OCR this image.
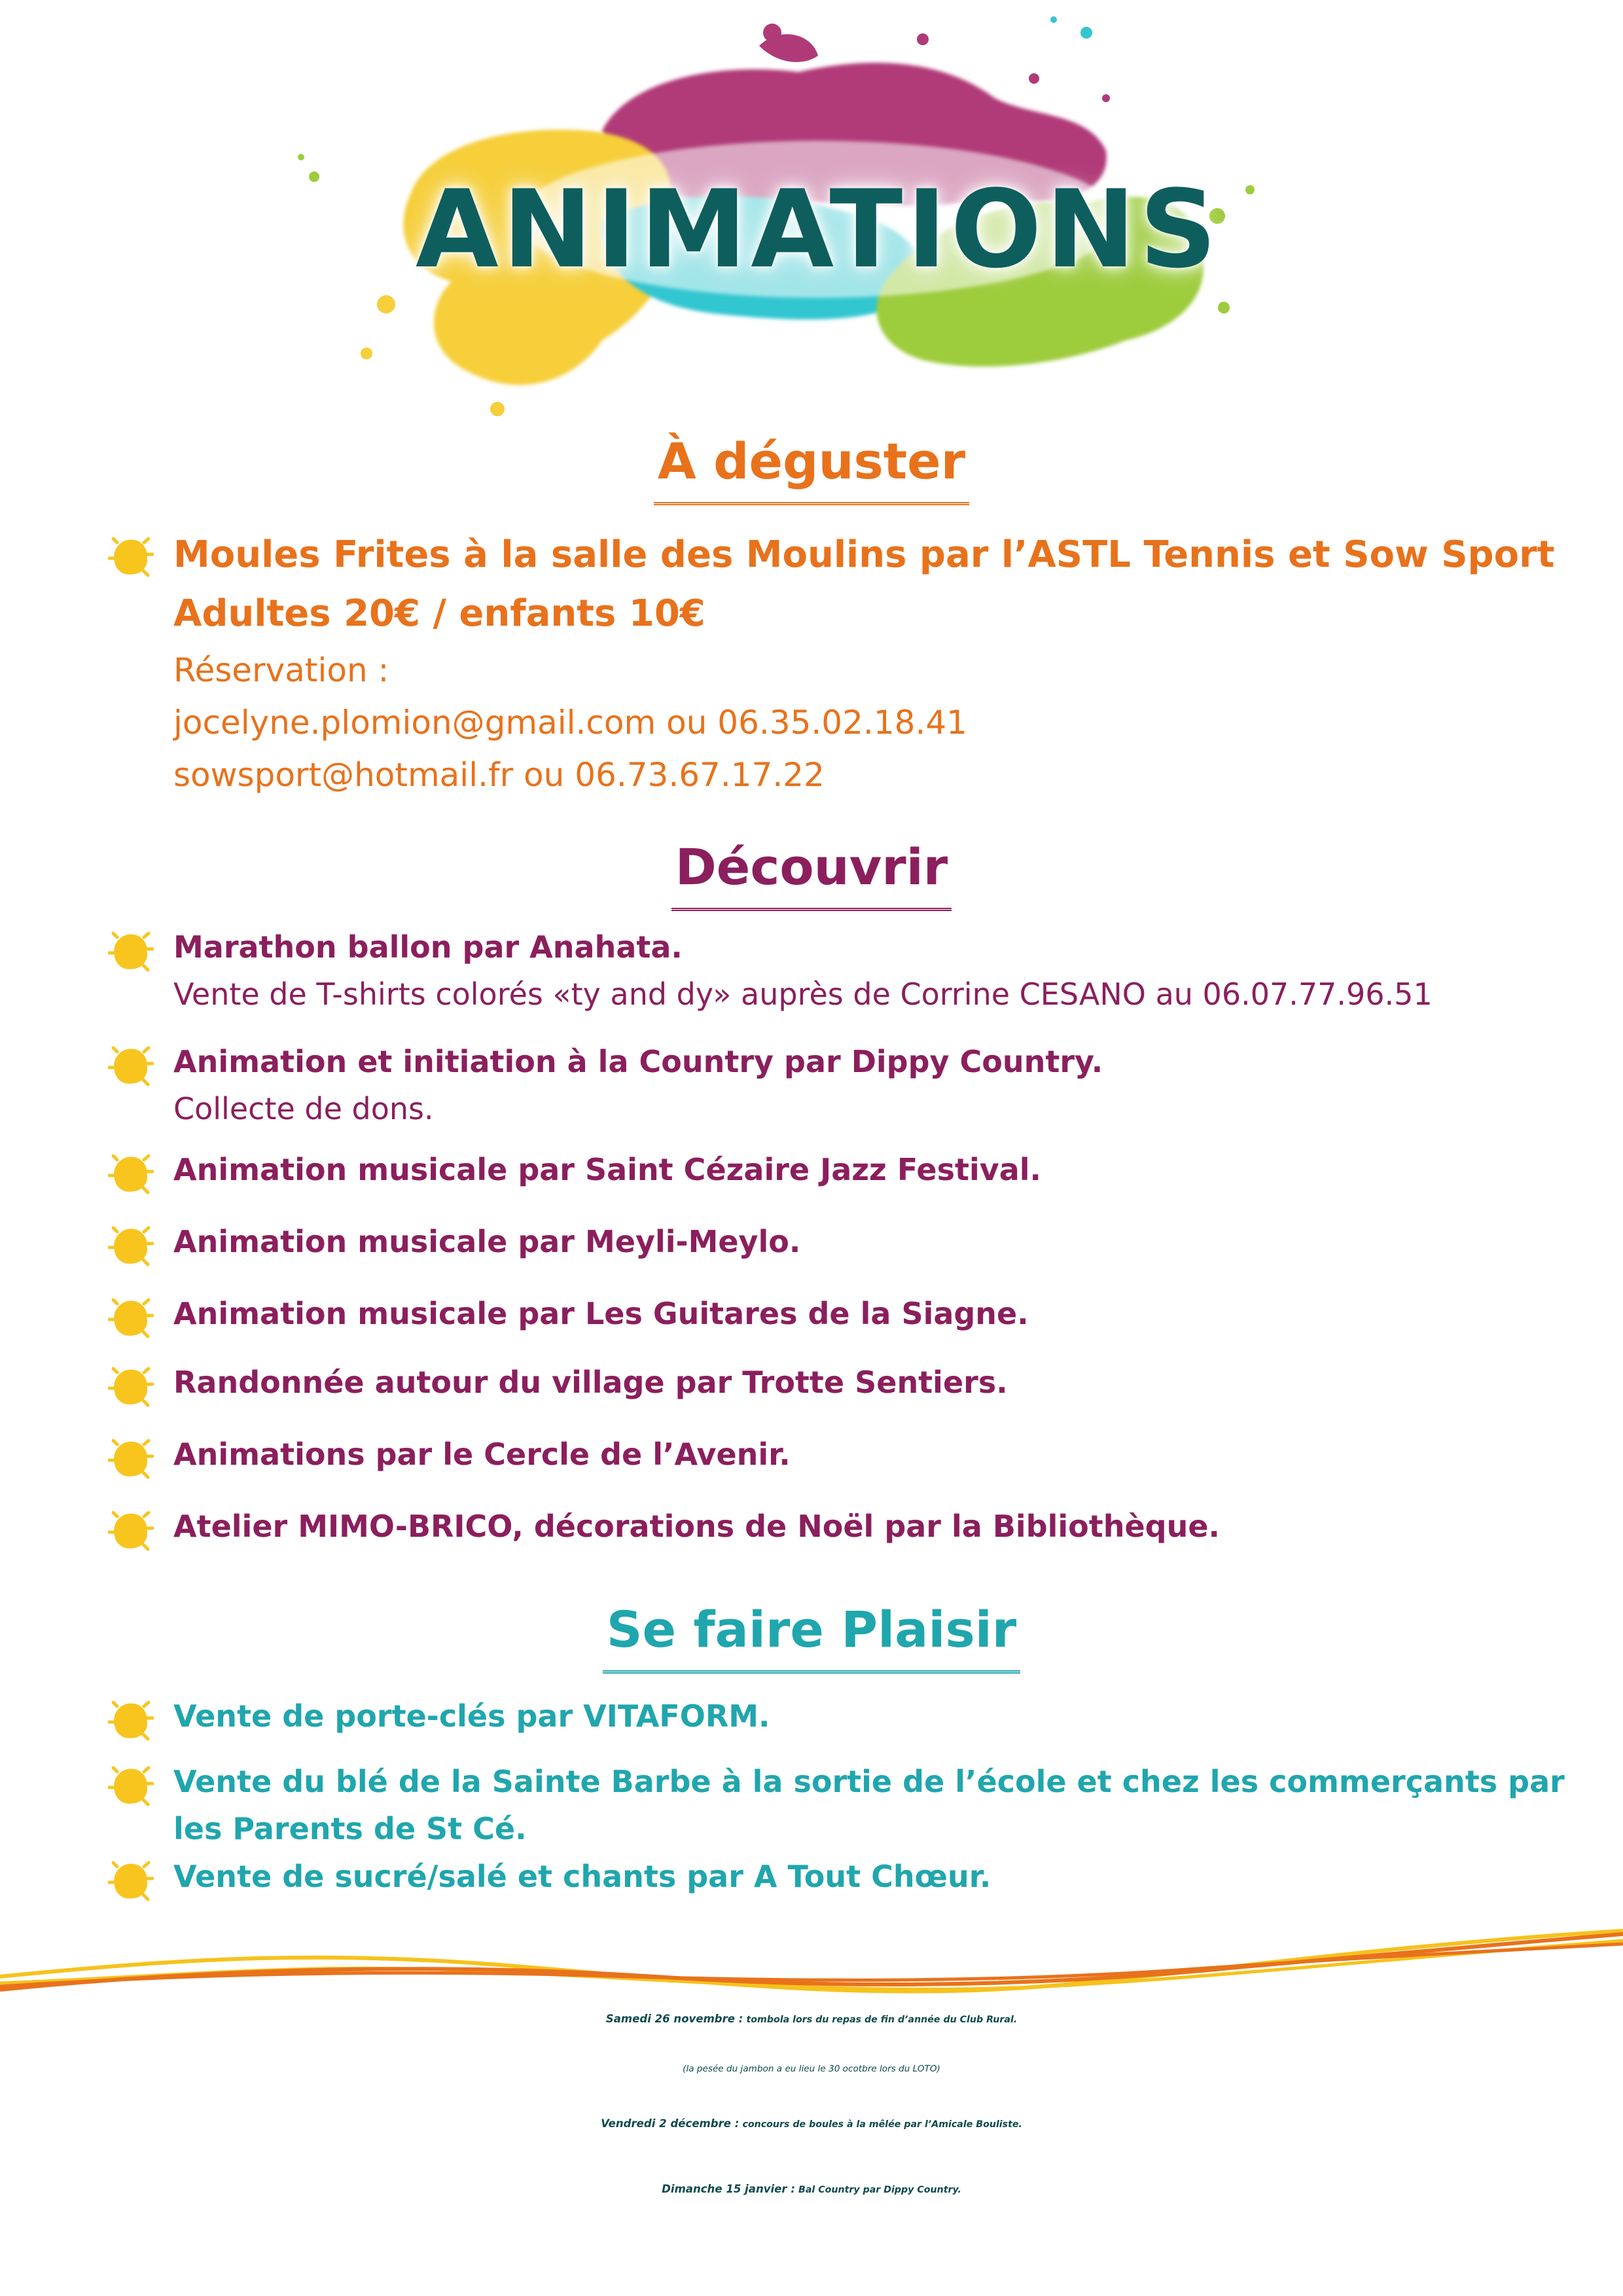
ANIMATIONS
À déguster
Moules Frites à la salle des Moulins par l’ASTL Tennis et Sow Sport
Adultes 20€ / enfants 10€
Réservation :
jocelyne.plomion@gmail.com ou 06.35.02.18.41
sowsport@hotmail.fr ou 06.73.67.17.22
Découvrir
Marathon ballon par Anahata.
Vente de T-shirts colorés «ty and dy» auprès de Corrine CESANO au 06.07.77.96.51
Animation et initiation à la Country par Dippy Country.
Collecte de dons.
Animation musicale par Saint Cézaire Jazz Festival.
Animation musicale par Meyli-Meylo.
Animation musicale par Les Guitares de la Siagne.
Randonnée autour du village par Trotte Sentiers.
Animations par le Cercle de l’Avenir.
Atelier MIMO-BRICO, décorations de Noël par la Bibliothèque.
Se faire Plaisir
Vente de porte-clés par VITAFORM.
Vente du blé de la Sainte Barbe à la sortie de l’école et chez les commerçants par
les Parents de St Cé.
Vente de sucré/salé et chants par A Tout Chœur.
Samedi 26 novembre : tombola lors du repas de fin d’année du Club Rural.
(la pesée du jambon a eu lieu le 30 ocotbre lors du LOTO)
Vendredi 2 décembre : concours de boules à la mêlée par l’Amicale Bouliste.
Dimanche 15 janvier : Bal Country par Dippy Country.
